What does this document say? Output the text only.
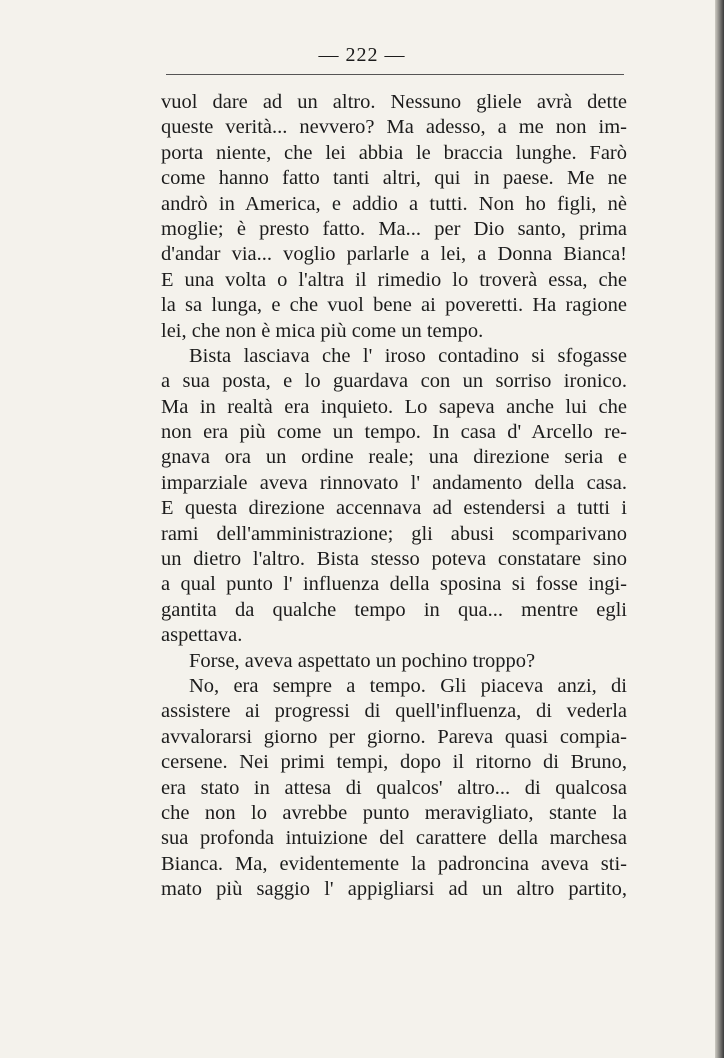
— 222 —
vuol dare ad un altro. Nessuno gliele avrà dette
queste verità... nevvero? Ma adesso, a me non im-
porta niente, che lei abbia le braccia lunghe. Farò
come hanno fatto tanti altri, qui in paese. Me ne
andrò in America, e addio a tutti. Non ho figli, nè
moglie; è presto fatto. Ma... per Dio santo, prima
d'andar via... voglio parlarle a lei, a Donna Bianca!
E una volta o l'altra il rimedio lo troverà essa, che
la sa lunga, e che vuol bene ai poveretti. Ha ragione
lei, che non è mica più come un tempo.
Bista lasciava che l' iroso contadino si sfogasse
a sua posta, e lo guardava con un sorriso ironico.
Ma in realtà era inquieto. Lo sapeva anche lui che
non era più come un tempo. In casa d' Arcello re-
gnava ora un ordine reale; una direzione seria e
imparziale aveva rinnovato l' andamento della casa.
E questa direzione accennava ad estendersi a tutti i
rami dell'amministrazione; gli abusi scomparivano
un dietro l'altro. Bista stesso poteva constatare sino
a qual punto l' influenza della sposina si fosse ingi-
gantita da qualche tempo in qua... mentre egli
aspettava.
Forse, aveva aspettato un pochino troppo?
No, era sempre a tempo. Gli piaceva anzi, di
assistere ai progressi di quell'influenza, di vederla
avvalorarsi giorno per giorno. Pareva quasi compia-
cersene. Nei primi tempi, dopo il ritorno di Bruno,
era stato in attesa di qualcos' altro... di qualcosa
che non lo avrebbe punto meravigliato, stante la
sua profonda intuizione del carattere della marchesa
Bianca. Ma, evidentemente la padroncina aveva sti-
mato più saggio l' appigliarsi ad un altro partito,
